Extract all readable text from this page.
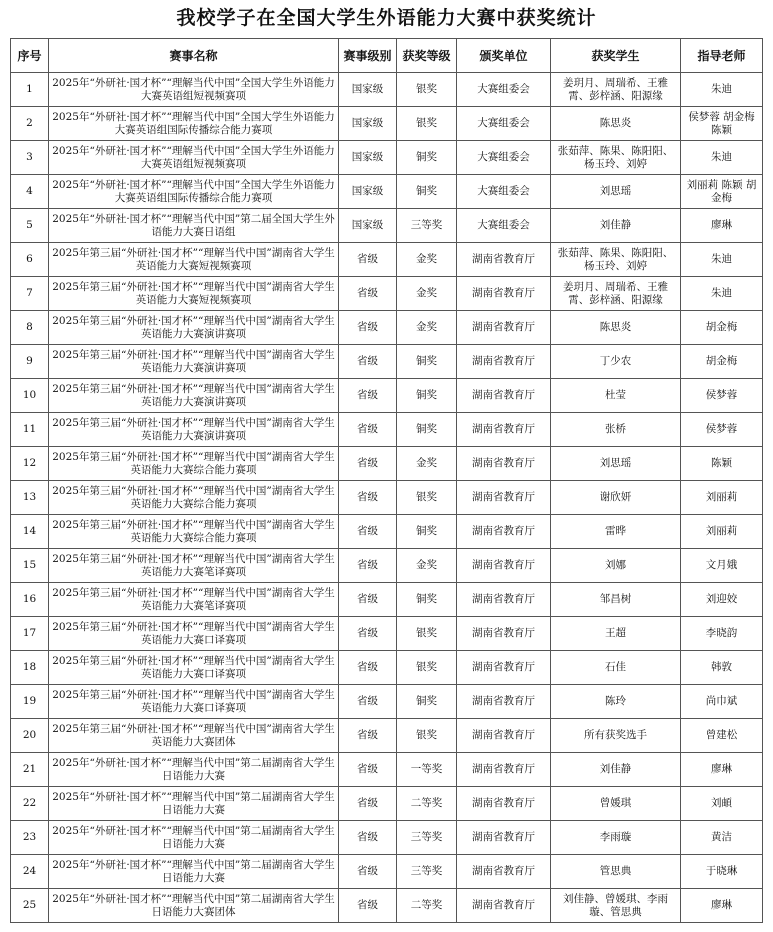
我校学子在全国大学生外语能力大赛中获奖统计
序号	赛事名称	赛事级别	获奖等级	颁奖单位	获奖学生	指导老师
1	2025年“外研社·国才杯”“理解当代中国”全国大学生外语能力大赛英语组短视频赛项	国家级	银奖	大赛组委会	姜玥月、周瑞希、王雅霄、彭梓涵、阳源缘	朱迪
2	2025年“外研社·国才杯”“理解当代中国”全国大学生外语能力大赛英语组国际传播综合能力赛项	国家级	银奖	大赛组委会	陈思炎	侯梦蓉 胡金梅 陈颖
3	2025年“外研社·国才杯”“理解当代中国”全国大学生外语能力大赛英语组短视频赛项	国家级	铜奖	大赛组委会	张茹萍、陈果、陈阳阳、杨玉玲、刘婷	朱迪
4	2025年“外研社·国才杯”“理解当代中国”全国大学生外语能力大赛英语组国际传播综合能力赛项	国家级	铜奖	大赛组委会	刘思瑶	刘丽莉 陈颖 胡金梅
5	2025年“外研社·国才杯”“理解当代中国”第二届全国大学生外语能力大赛日语组	国家级	三等奖	大赛组委会	刘佳静	廖琳
6	2025年第三届“外研社·国才杯”“理解当代中国”湖南省大学生英语能力大赛短视频赛项	省级	金奖	湖南省教育厅	张茹萍、陈果、陈阳阳、杨玉玲、刘婷	朱迪
7	2025年第三届“外研社·国才杯”“理解当代中国”湖南省大学生英语能力大赛短视频赛项	省级	金奖	湖南省教育厅	姜玥月、周瑞希、王雅霄、彭梓涵、阳源缘	朱迪
8	2025年第三届“外研社·国才杯”“理解当代中国”湖南省大学生英语能力大赛演讲赛项	省级	金奖	湖南省教育厅	陈思炎	胡金梅
9	2025年第三届“外研社·国才杯”“理解当代中国”湖南省大学生英语能力大赛演讲赛项	省级	铜奖	湖南省教育厅	丁少农	胡金梅
10	2025年第三届“外研社·国才杯”“理解当代中国”湖南省大学生英语能力大赛演讲赛项	省级	铜奖	湖南省教育厅	杜莹	侯梦蓉
11	2025年第三届“外研社·国才杯”“理解当代中国”湖南省大学生英语能力大赛演讲赛项	省级	铜奖	湖南省教育厅	张桥	侯梦蓉
12	2025年第三届“外研社·国才杯”“理解当代中国”湖南省大学生英语能力大赛综合能力赛项	省级	金奖	湖南省教育厅	刘思瑶	陈颖
13	2025年第三届“外研社·国才杯”“理解当代中国”湖南省大学生英语能力大赛综合能力赛项	省级	银奖	湖南省教育厅	谢欣妍	刘丽莉
14	2025年第三届“外研社·国才杯”“理解当代中国”湖南省大学生英语能力大赛综合能力赛项	省级	铜奖	湖南省教育厅	雷晔	刘丽莉
15	2025年第三届“外研社·国才杯”“理解当代中国”湖南省大学生英语能力大赛笔译赛项	省级	金奖	湖南省教育厅	刘娜	文月娥
16	2025年第三届“外研社·国才杯”“理解当代中国”湖南省大学生英语能力大赛笔译赛项	省级	铜奖	湖南省教育厅	邹昌树	刘迎姣
17	2025年第三届“外研社·国才杯”“理解当代中国”湖南省大学生英语能力大赛口译赛项	省级	银奖	湖南省教育厅	王超	李晓韵
18	2025年第三届“外研社·国才杯”“理解当代中国”湖南省大学生英语能力大赛口译赛项	省级	银奖	湖南省教育厅	石佳	韩敦
19	2025年第三届“外研社·国才杯”“理解当代中国”湖南省大学生英语能力大赛口译赛项	省级	铜奖	湖南省教育厅	陈玲	尚巾斌
20	2025年第三届“外研社·国才杯”“理解当代中国”湖南省大学生英语能力大赛团体	省级	银奖	湖南省教育厅	所有获奖选手	曾建松
21	2025年“外研社·国才杯”“理解当代中国”第二届湖南省大学生日语能力大赛	省级	一等奖	湖南省教育厅	刘佳静	廖琳
22	2025年“外研社·国才杯”“理解当代中国”第二届湖南省大学生日语能力大赛	省级	二等奖	湖南省教育厅	曾媛琪	刘頔
23	2025年“外研社·国才杯”“理解当代中国”第二届湖南省大学生日语能力大赛	省级	三等奖	湖南省教育厅	李雨璇	黄洁
24	2025年“外研社·国才杯”“理解当代中国”第二届湖南省大学生日语能力大赛	省级	三等奖	湖南省教育厅	管思典	于晓琳
25	2025年“外研社·国才杯”“理解当代中国”第二届湖南省大学生日语能力大赛团体	省级	二等奖	湖南省教育厅	刘佳静、曾媛琪、李雨璇、管思典	廖琳
